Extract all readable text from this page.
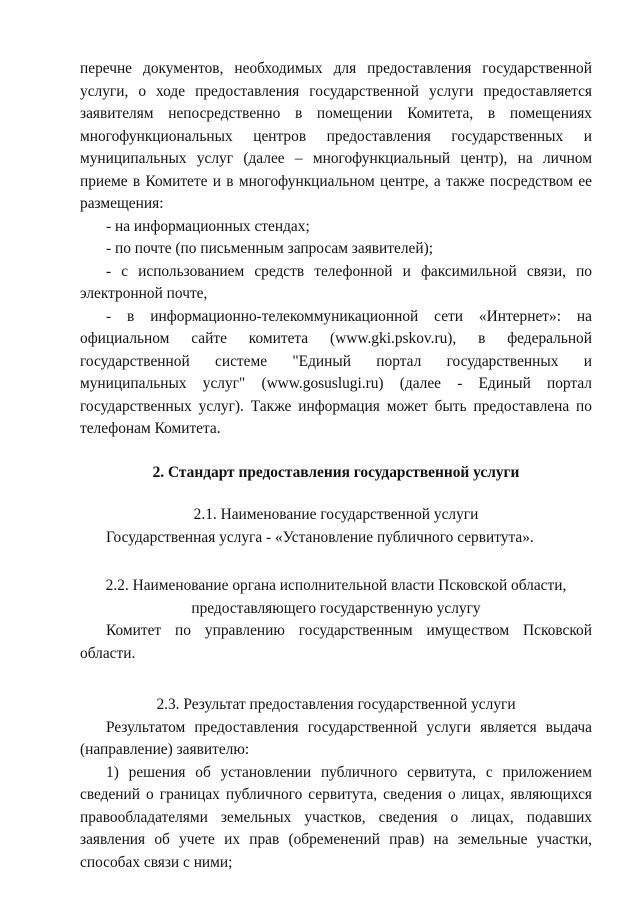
перечне документов, необходимых для предоставления государственной услуги, о ходе предоставления государственной услуги предоставляется заявителям непосредственно в помещении Комитета, в помещениях многофункциональных центров предоставления государственных и муниципальных услуг (далее – многофункциальный центр), на личном приеме в Комитете и в многофункциальном центре, а также посредством ее размещения:

- на информационных стендах;

- по почте (по письменным запросам заявителей);

- с использованием средств телефонной и факсимильной связи, по электронной почте,

- в информационно-телекоммуникационной сети «Интернет»: на официальном сайте комитета (www.gki.pskov.ru), в федеральной государственной системе "Единый портал государственных и муниципальных услуг" (www.gosuslugi.ru) (далее - Единый портал государственных услуг). Также информация может быть предоставлена по телефонам Комитета.

2. Стандарт предоставления государственной услуги

2.1. Наименование государственной услуги

Государственная услуга - «Установление публичного сервитута».

2.2. Наименование органа исполнительной власти Псковской области,

предоставляющего государственную услугу

Комитет по управлению государственным имуществом Псковской области.

2.3. Результат предоставления государственной услуги

Результатом предоставления государственной услуги является выдача (направление) заявителю:

1) решения об установлении публичного сервитута, с приложением сведений о границах публичного сервитута, сведения о лицах, являющихся правообладателями земельных участков, сведения о лицах, подавших заявления об учете их прав (обременений прав) на земельные участки, способах связи с ними;
